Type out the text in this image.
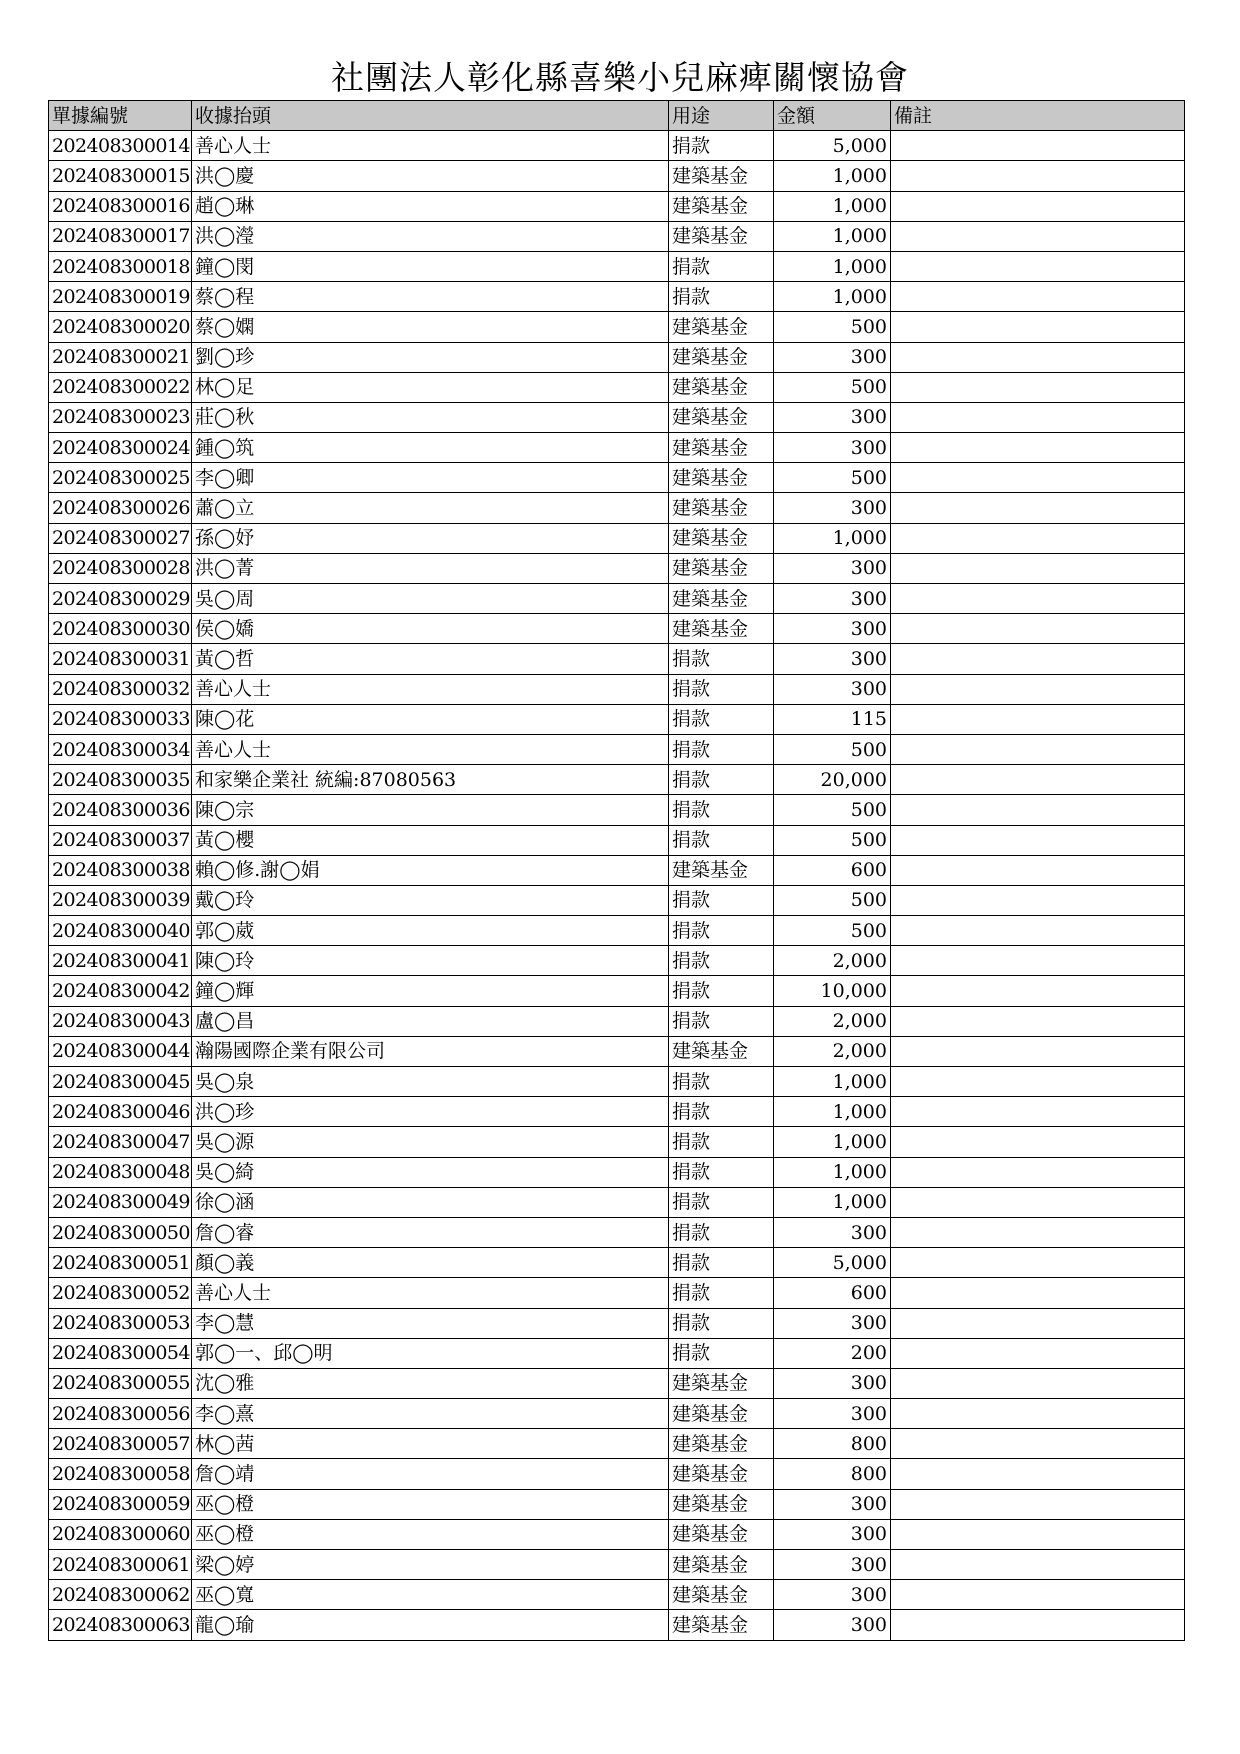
社團法人彰化縣喜樂小兒麻痺關懷協會
單據編號	收據抬頭	用途	金額	備註
202408300014	善心人士	捐款	5,000	
202408300015	洪◯慶	建築基金	1,000	
202408300016	趙◯琳	建築基金	1,000	
202408300017	洪◯瀅	建築基金	1,000	
202408300018	鐘◯閔	捐款	1,000	
202408300019	蔡◯程	捐款	1,000	
202408300020	蔡◯嫻	建築基金	500	
202408300021	劉◯珍	建築基金	300	
202408300022	林◯足	建築基金	500	
202408300023	莊◯秋	建築基金	300	
202408300024	鍾◯筑	建築基金	300	
202408300025	李◯卿	建築基金	500	
202408300026	蕭◯立	建築基金	300	
202408300027	孫◯妤	建築基金	1,000	
202408300028	洪◯菁	建築基金	300	
202408300029	吳◯周	建築基金	300	
202408300030	侯◯嬌	建築基金	300	
202408300031	黃◯哲	捐款	300	
202408300032	善心人士	捐款	300	
202408300033	陳◯花	捐款	115	
202408300034	善心人士	捐款	500	
202408300035	和家樂企業社 統編:87080563	捐款	20,000	
202408300036	陳◯宗	捐款	500	
202408300037	黃◯櫻	捐款	500	
202408300038	賴◯修.謝◯娟	建築基金	600	
202408300039	戴◯玲	捐款	500	
202408300040	郭◯葳	捐款	500	
202408300041	陳◯玲	捐款	2,000	
202408300042	鐘◯輝	捐款	10,000	
202408300043	盧◯昌	捐款	2,000	
202408300044	瀚陽國際企業有限公司	建築基金	2,000	
202408300045	吳◯泉	捐款	1,000	
202408300046	洪◯珍	捐款	1,000	
202408300047	吳◯源	捐款	1,000	
202408300048	吳◯綺	捐款	1,000	
202408300049	徐◯涵	捐款	1,000	
202408300050	詹◯睿	捐款	300	
202408300051	顏◯義	捐款	5,000	
202408300052	善心人士	捐款	600	
202408300053	李◯慧	捐款	300	
202408300054	郭◯一、邱◯明	捐款	200	
202408300055	沈◯雅	建築基金	300	
202408300056	李◯熹	建築基金	300	
202408300057	林◯茜	建築基金	800	
202408300058	詹◯靖	建築基金	800	
202408300059	巫◯橙	建築基金	300	
202408300060	巫◯橙	建築基金	300	
202408300061	梁◯婷	建築基金	300	
202408300062	巫◯寬	建築基金	300	
202408300063	龍◯瑜	建築基金	300	
